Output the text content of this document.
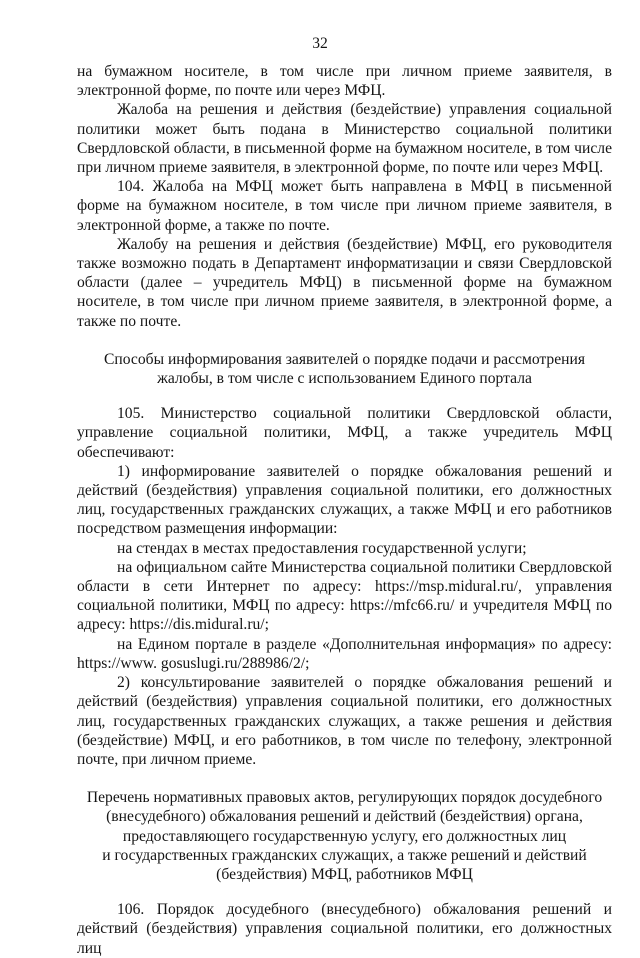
32

на бумажном носителе, в том числе при личном приеме заявителя, в электронной форме, по почте или через МФЦ.

Жалоба на решения и действия (бездействие) управления социальной политики может быть подана в Министерство социальной политики Свердловской области, в письменной форме на бумажном носителе, в том числе при личном приеме заявителя, в электронной форме, по почте или через МФЦ.

104. Жалоба на МФЦ может быть направлена в МФЦ в письменной форме на бумажном носителе, в том числе при личном приеме заявителя, в электронной форме, а также по почте.

Жалобу на решения и действия (бездействие) МФЦ, его руководителя также возможно подать в Департамент информатизации и связи Свердловской области (далее – учредитель МФЦ) в письменной форме на бумажном носителе, в том числе при личном приеме заявителя, в электронной форме, а также по почте.

Способы информирования заявителей о порядке подачи и рассмотрения

жалобы, в том числе с использованием Единого портала

105. Министерство социальной политики Свердловской области, управление социальной политики, МФЦ, а также учредитель МФЦ обеспечивают:

1) информирование заявителей о порядке обжалования решений и действий (бездействия) управления социальной политики, его должностных лиц, государственных гражданских служащих, а также МФЦ и его работников посредством размещения информации:

на стендах в местах предоставления государственной услуги;

на официальном сайте Министерства социальной политики Свердловской области в сети Интернет по адресу: https://msp.midural.ru/, управления социальной политики, МФЦ по адресу: https://mfc66.ru/ и учредителя МФЦ по адресу: https://dis.midural.ru/;

на Едином портале в разделе «Дополнительная информация» по адресу: https://www. gosuslugi.ru/288986/2/;

2) консультирование заявителей о порядке обжалования решений и действий (бездействия) управления социальной политики, его должностных лиц, государственных гражданских служащих, а также решения и действия (бездействие) МФЦ, и его работников, в том числе по телефону, электронной почте, при личном приеме.

Перечень нормативных правовых актов, регулирующих порядок досудебного

(внесудебного) обжалования решений и действий (бездействия) органа,

предоставляющего государственную услугу, его должностных лиц

и государственных гражданских служащих, а также решений и действий

(бездействия) МФЦ, работников МФЦ

106. Порядок досудебного (внесудебного) обжалования решений и действий (бездействия) управления социальной политики, его должностных лиц
